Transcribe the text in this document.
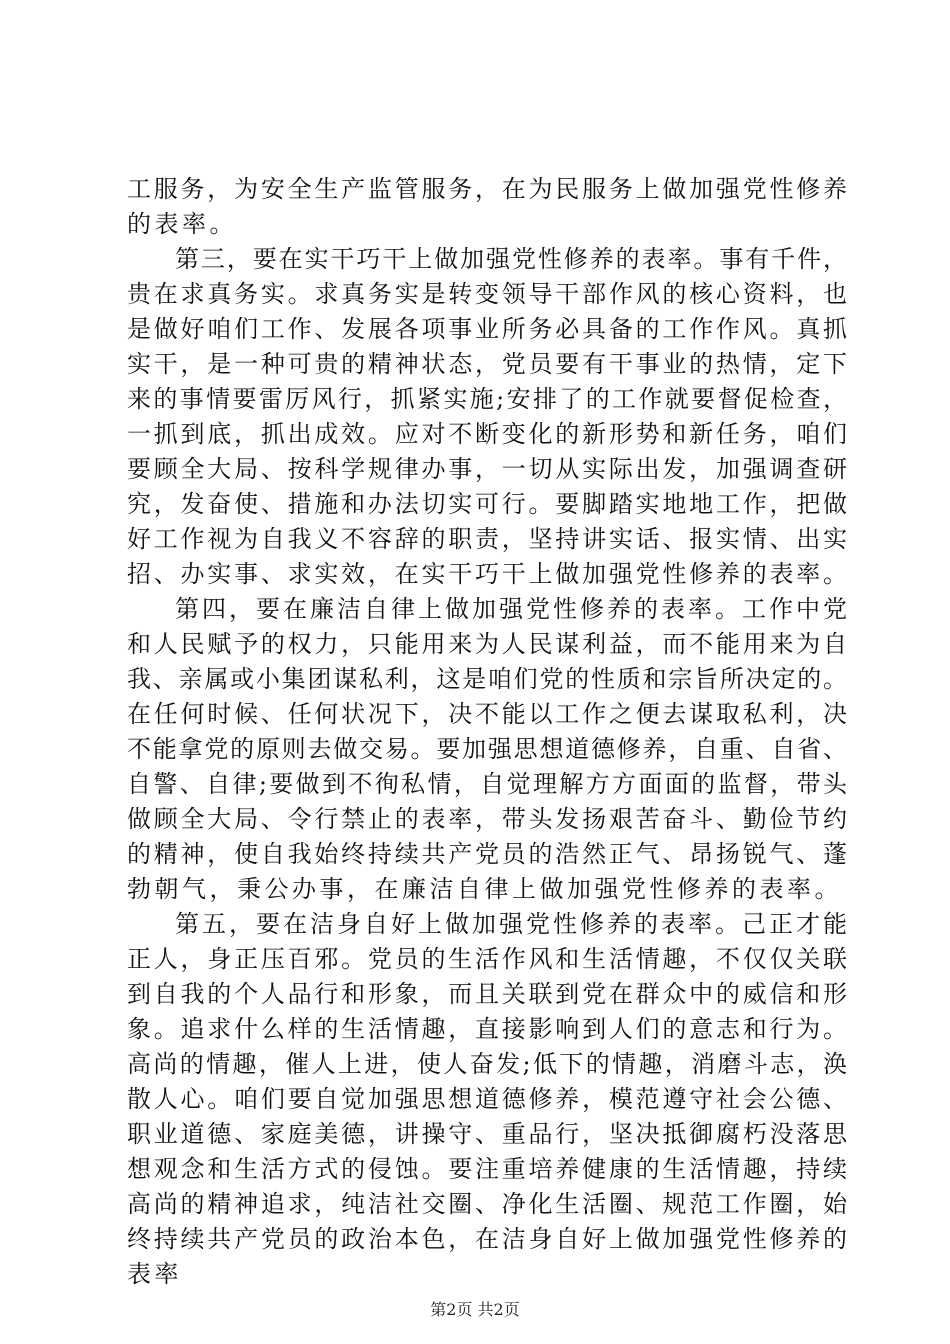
工服务，为安全生产监管服务，在为民服务上做加强党性修养
的表率。
第三，要在实干巧干上做加强党性修养的表率。事有千件，
贵在求真务实。求真务实是转变领导干部作风的核心资料，也
是做好咱们工作、发展各项事业所务必具备的工作作风。真抓
实干，是一种可贵的精神状态，党员要有干事业的热情，定下
来的事情要雷厉风行，抓紧实施;安排了的工作就要督促检查，
一抓到底，抓出成效。应对不断变化的新形势和新任务，咱们
要顾全大局、按科学规律办事，一切从实际出发，加强调查研
究，发奋使、措施和办法切实可行。要脚踏实地地工作，把做
好工作视为自我义不容辞的职责，坚持讲实话、报实情、出实
招、办实事、求实效，在实干巧干上做加强党性修养的表率。
第四，要在廉洁自律上做加强党性修养的表率。工作中党
和人民赋予的权力，只能用来为人民谋利益，而不能用来为自
我、亲属或小集团谋私利，这是咱们党的性质和宗旨所决定的。
在任何时候、任何状况下，决不能以工作之便去谋取私利，决
不能拿党的原则去做交易。要加强思想道德修养，自重、自省、
自警、自律;要做到不徇私情，自觉理解方方面面的监督，带头
做顾全大局、令行禁止的表率，带头发扬艰苦奋斗、勤俭节约
的精神，使自我始终持续共产党员的浩然正气、昂扬锐气、蓬
勃朝气，秉公办事，在廉洁自律上做加强党性修养的表率。
第五，要在洁身自好上做加强党性修养的表率。己正才能
正人，身正压百邪。党员的生活作风和生活情趣，不仅仅关联
到自我的个人品行和形象，而且关联到党在群众中的威信和形
象。追求什么样的生活情趣，直接影响到人们的意志和行为。
高尚的情趣，催人上进，使人奋发;低下的情趣，消磨斗志，涣
散人心。咱们要自觉加强思想道德修养，模范遵守社会公德、
职业道德、家庭美德，讲操守、重品行，坚决抵御腐朽没落思
想观念和生活方式的侵蚀。要注重培养健康的生活情趣，持续
高尚的精神追求，纯洁社交圈、净化生活圈、规范工作圈，始
终持续共产党员的政治本色，在洁身自好上做加强党性修养的
表率
第2页 共2页
